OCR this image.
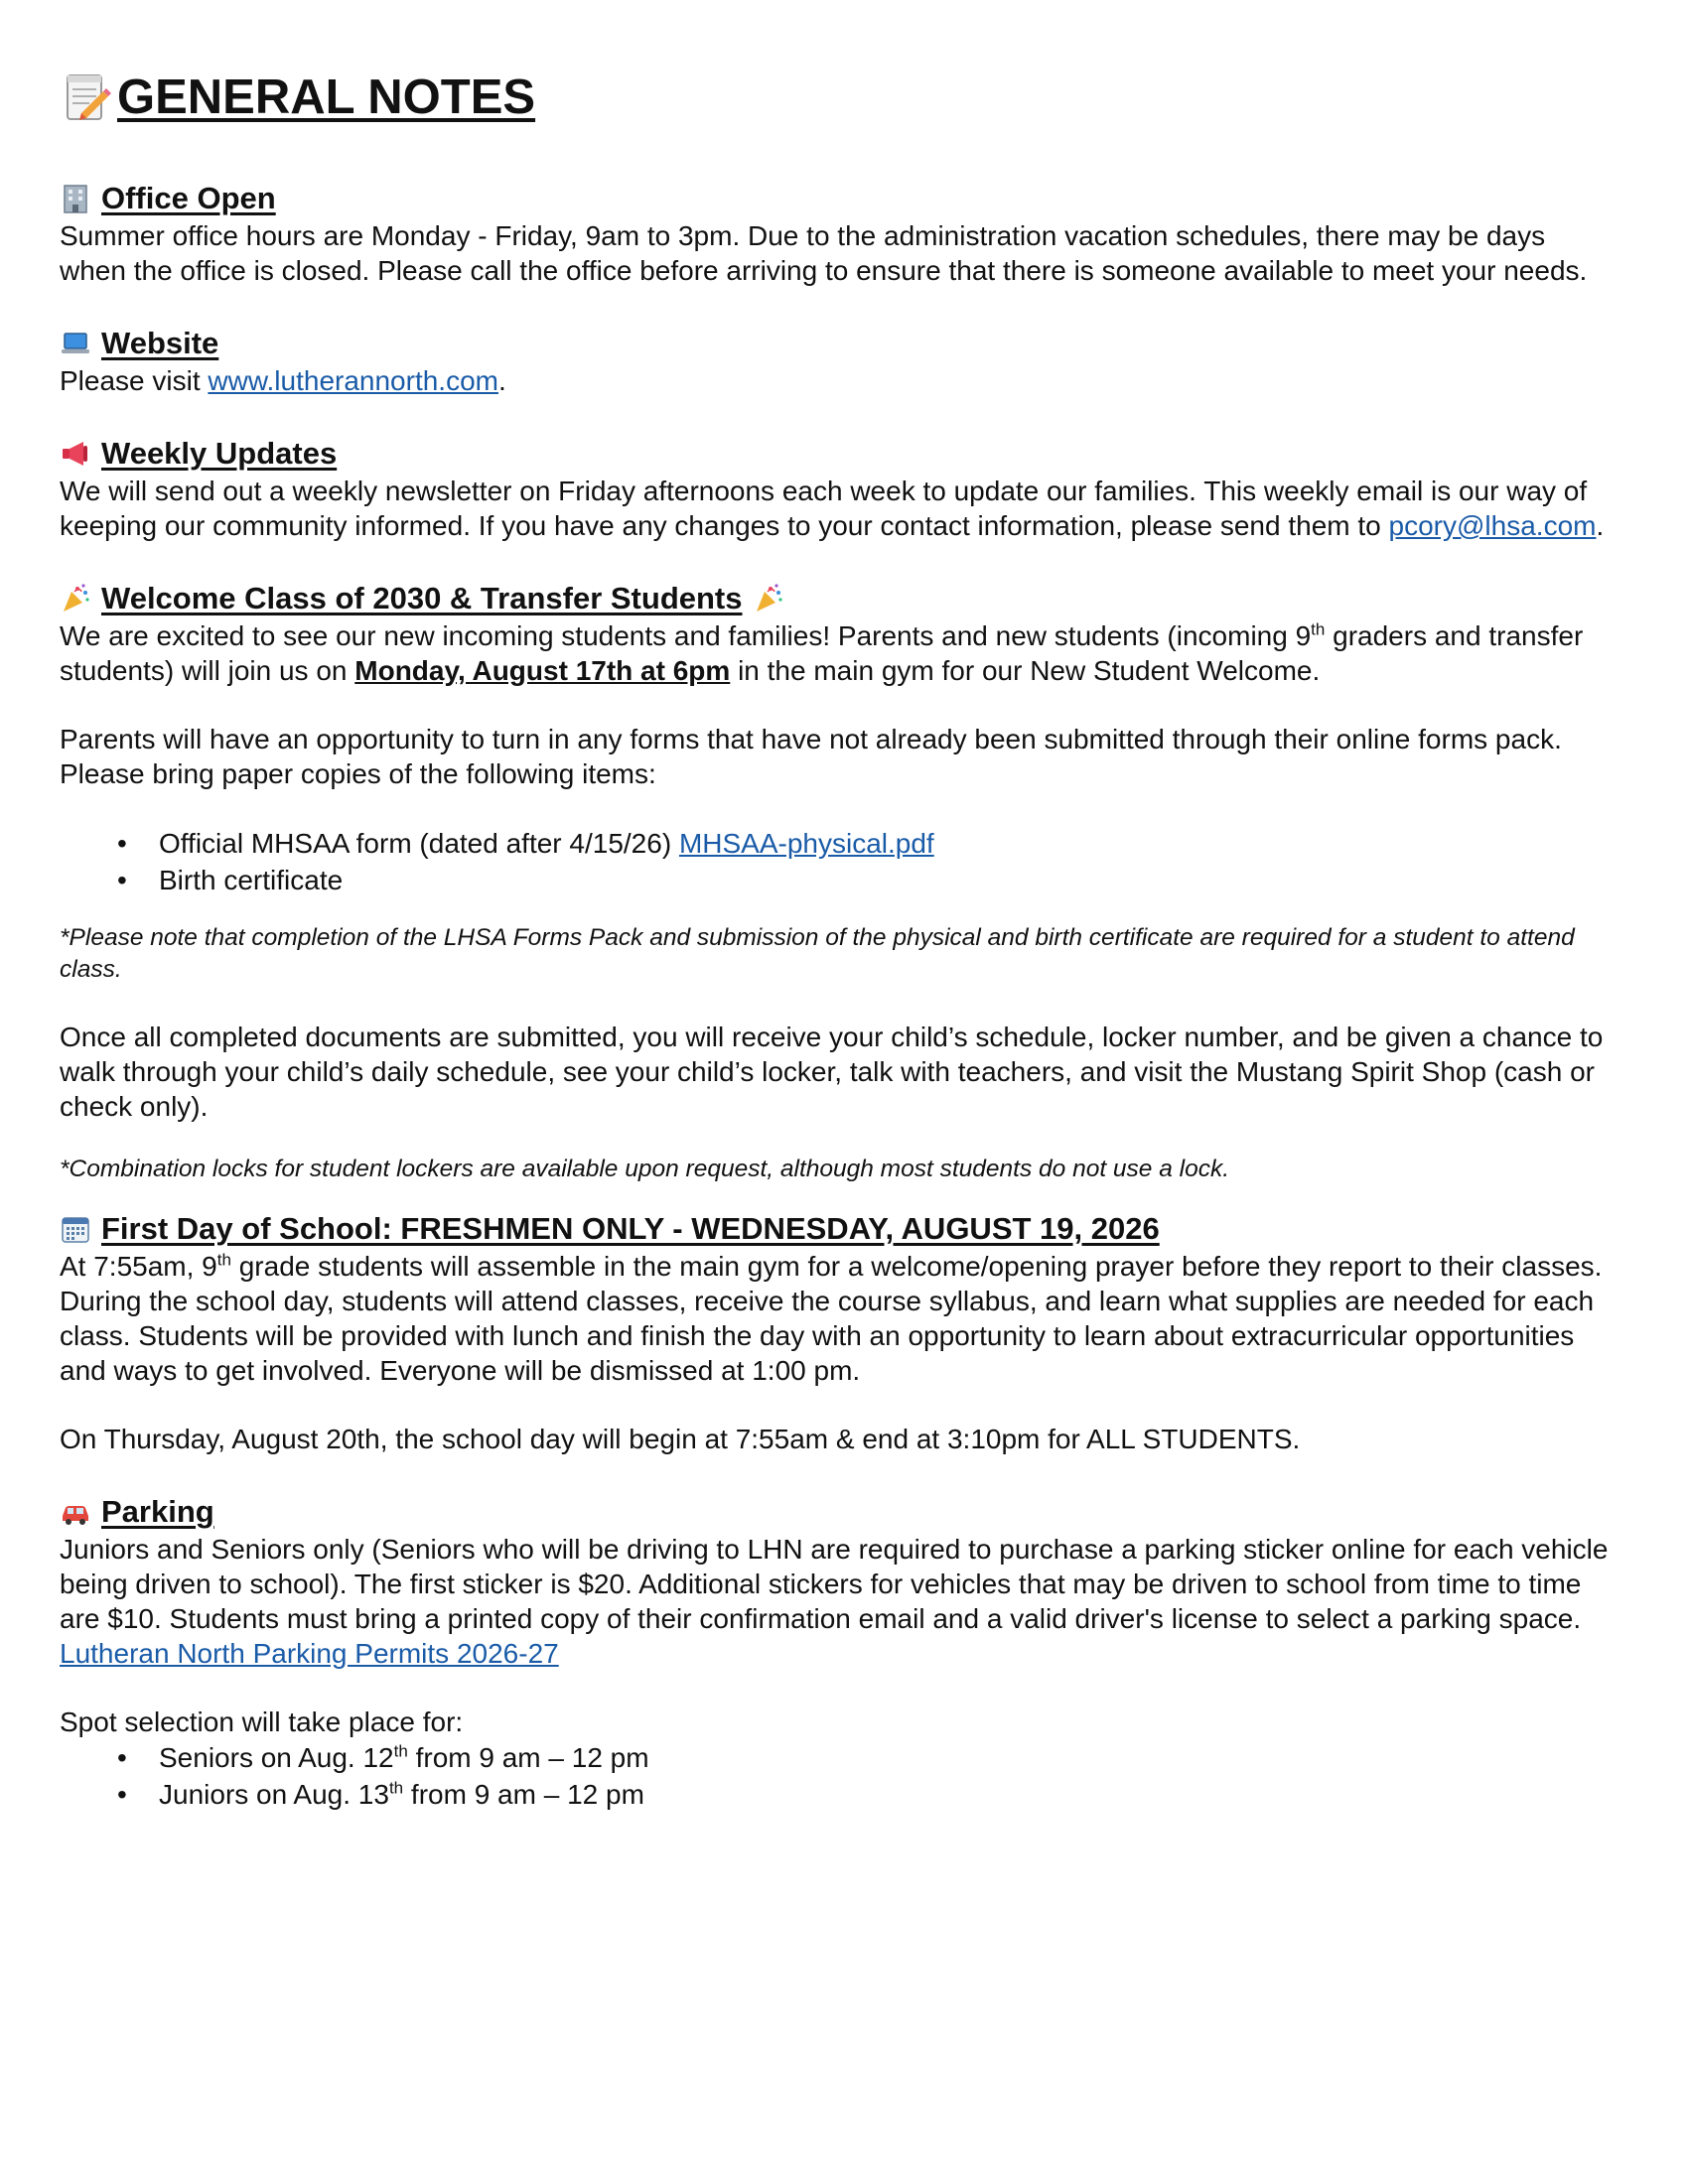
GENERAL NOTES
Office Open

Summer office hours are Monday - Friday, 9am to 3pm. Due to the administration vacation schedules, there may be days when the office is closed. Please call the office before arriving to ensure that there is someone available to meet your needs.

Website

Please visit www.lutherannorth.com.

Weekly Updates

We will send out a weekly newsletter on Friday afternoons each week to update our families. This weekly email is our way of keeping our community informed. If you have any changes to your contact information, please send them to pcory@lhsa.com.

Welcome Class of 2030 & Transfer Students

We are excited to see our new incoming students and families! Parents and new students (incoming 9th graders and transfer students) will join us on Monday, August 17th at 6pm in the main gym for our New Student Welcome.

Parents will have an opportunity to turn in any forms that have not already been submitted through their online forms pack. Please bring paper copies of the following items:

• Official MHSAA form (dated after 4/15/26) MHSAA-physical.pdf
• Birth certificate

*Please note that completion of the LHSA Forms Pack and submission of the physical and birth certificate are required for a student to attend class.

Once all completed documents are submitted, you will receive your child’s schedule, locker number, and be given a chance to walk through your child’s daily schedule, see your child’s locker, talk with teachers, and visit the Mustang Spirit Shop (cash or check only).

*Combination locks for student lockers are available upon request, although most students do not use a lock.

First Day of School: FRESHMEN ONLY - WEDNESDAY, AUGUST 19, 2026

At 7:55am, 9th grade students will assemble in the main gym for a welcome/opening prayer before they report to their classes. During the school day, students will attend classes, receive the course syllabus, and learn what supplies are needed for each class. Students will be provided with lunch and finish the day with an opportunity to learn about extracurricular opportunities and ways to get involved. Everyone will be dismissed at 1:00 pm.

On Thursday, August 20th, the school day will begin at 7:55am & end at 3:10pm for ALL STUDENTS.

Parking

Juniors and Seniors only (Seniors who will be driving to LHN are required to purchase a parking sticker online for each vehicle being driven to school). The first sticker is $20. Additional stickers for vehicles that may be driven to school from time to time are $10. Students must bring a printed copy of their confirmation email and a valid driver's license to select a parking space. Lutheran North Parking Permits 2026-27

Spot selection will take place for:

• Seniors on Aug. 12th from 9 am – 12 pm
• Juniors on Aug. 13th from 9 am – 12 pm
